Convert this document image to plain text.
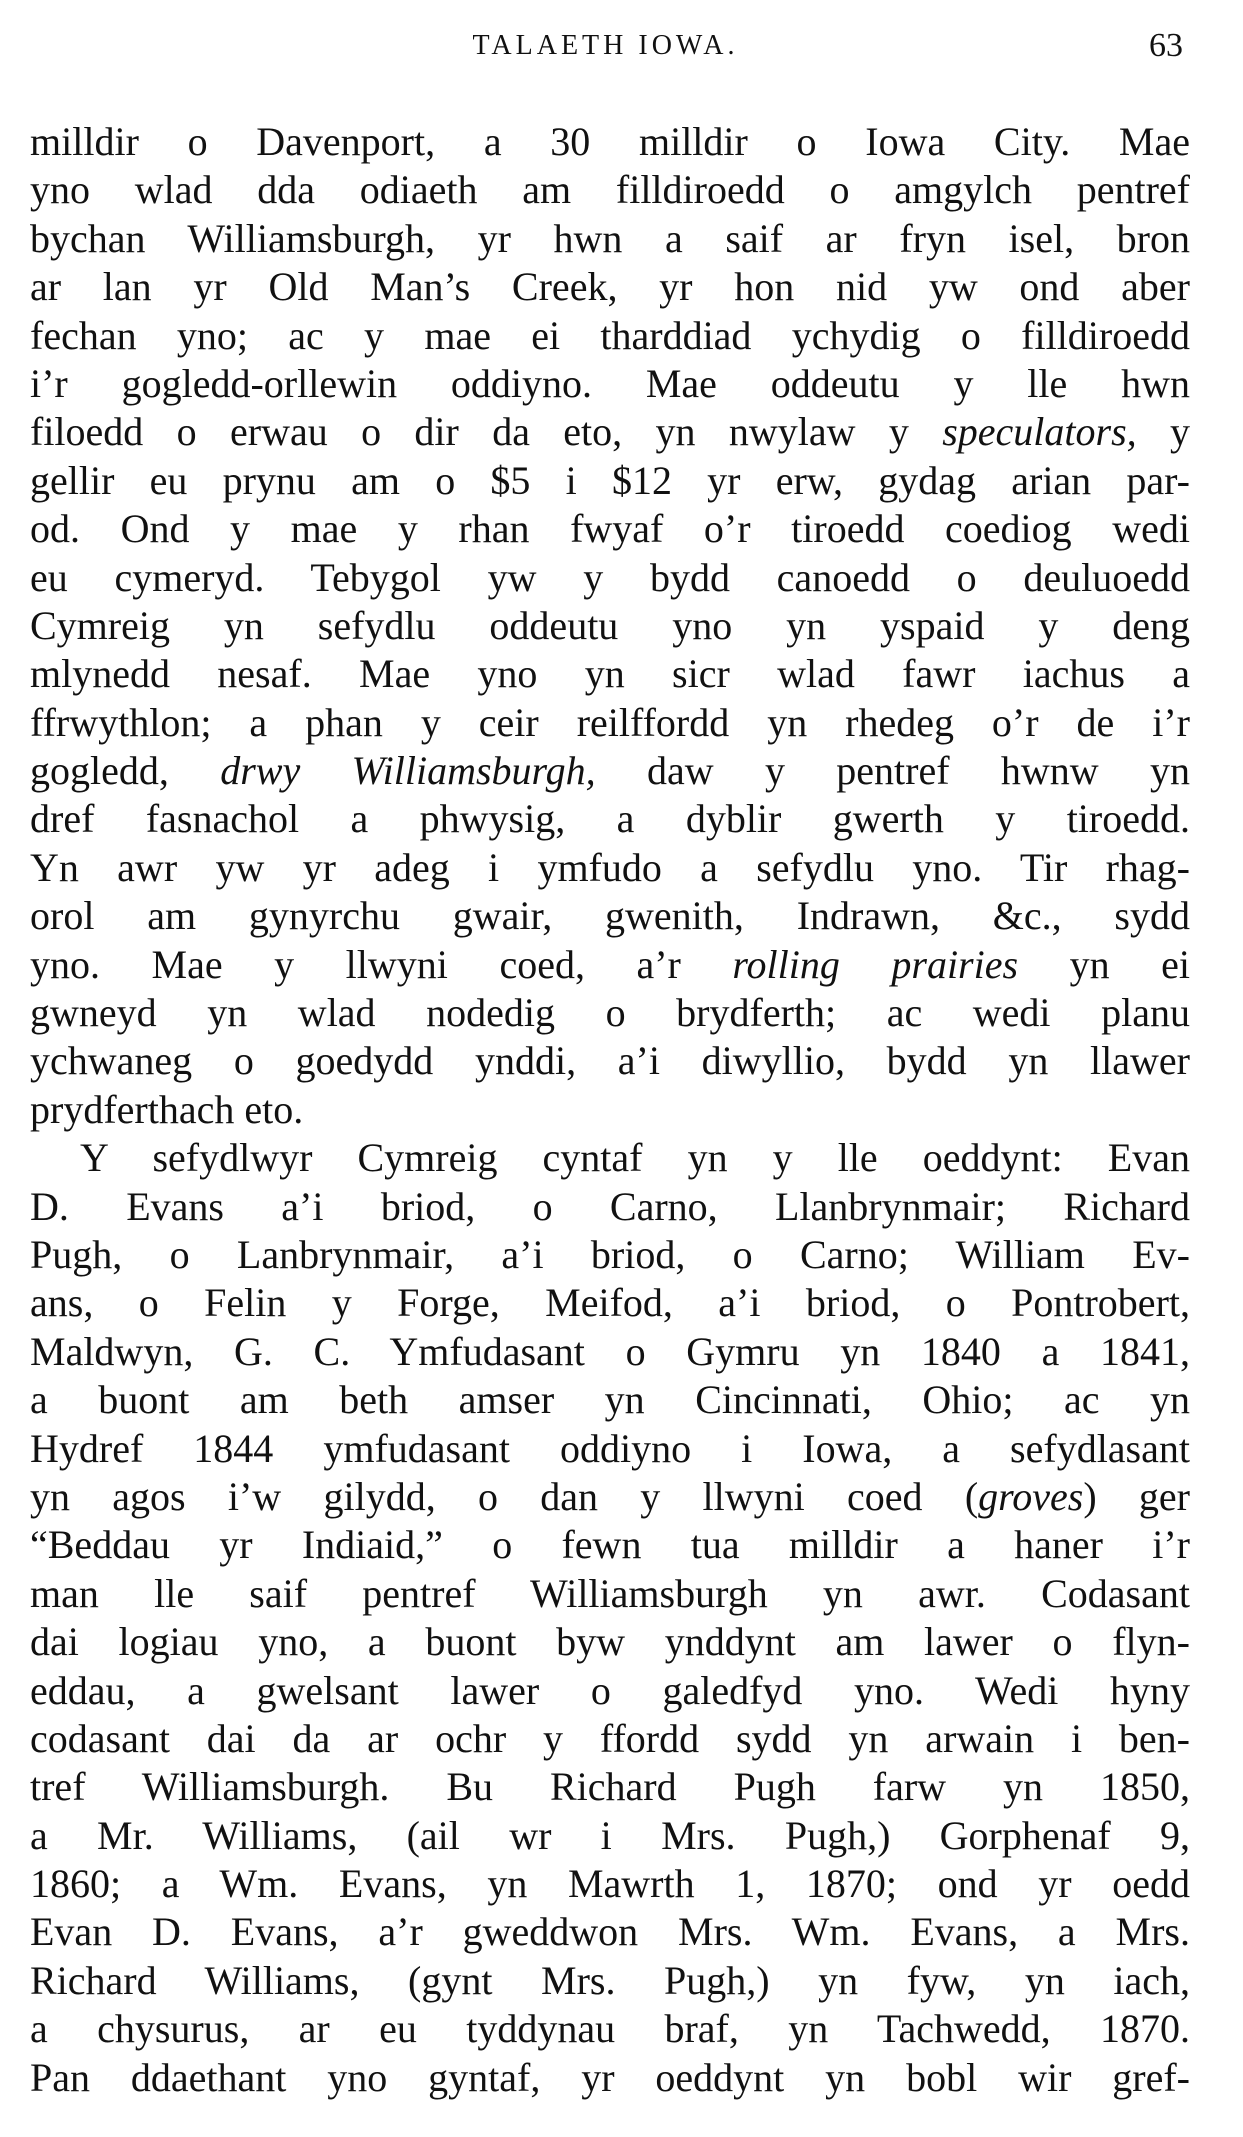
TALAETH IOWA.	63
milldir o Davenport, a 30 milldir o Iowa City. Mae
yno wlad dda odiaeth am filldiroedd o amgylch pentref
bychan Williamsburgh, yr hwn a saif ar fryn isel, bron
ar lan yr Old Man’s Creek, yr hon nid yw ond aber
fechan yno; ac y mae ei tharddiad ychydig o filldiroedd
i’r gogledd-orllewin oddiyno. Mae oddeutu y lle hwn
filoedd o erwau o dir da eto, yn nwylaw y speculators, y
gellir eu prynu am o $5 i $12 yr erw, gydag arian par-
od. Ond y mae y rhan fwyaf o’r tiroedd coediog wedi
eu cymeryd. Tebygol yw y bydd canoedd o deuluoedd
Cymreig yn sefydlu oddeutu yno yn yspaid y deng
mlynedd nesaf. Mae yno yn sicr wlad fawr iachus a
ffrwythlon; a phan y ceir reilffordd yn rhedeg o’r de i’r
gogledd, drwy Williamsburgh, daw y pentref hwnw yn
dref fasnachol a phwysig, a dyblir gwerth y tiroedd.
Yn awr yw yr adeg i ymfudo a sefydlu yno. Tir rhag-
orol am gynyrchu gwair, gwenith, Indrawn, &c., sydd
yno. Mae y llwyni coed, a’r rolling prairies yn ei
gwneyd yn wlad nodedig o brydferth; ac wedi planu
ychwaneg o goedydd ynddi, a’i diwyllio, bydd yn llawer
prydferthach eto.
Y sefydlwyr Cymreig cyntaf yn y lle oeddynt: Evan
D. Evans a’i briod, o Carno, Llanbrynmair; Richard
Pugh, o Lanbrynmair, a’i briod, o Carno; William Ev-
ans, o Felin y Forge, Meifod, a’i briod, o Pontrobert,
Maldwyn, G. C. Ymfudasant o Gymru yn 1840 a 1841,
a buont am beth amser yn Cincinnati, Ohio; ac yn
Hydref 1844 ymfudasant oddiyno i Iowa, a sefydlasant
yn agos i’w gilydd, o dan y llwyni coed (groves) ger
“Beddau yr Indiaid,” o fewn tua milldir a haner i’r
man lle saif pentref Williamsburgh yn awr. Codasant
dai logiau yno, a buont byw ynddynt am lawer o flyn-
eddau, a gwelsant lawer o galedfyd yno. Wedi hyny
codasant dai da ar ochr y ffordd sydd yn arwain i ben-
tref Williamsburgh. Bu Richard Pugh farw yn 1850,
a Mr. Williams, (ail wr i Mrs. Pugh,) Gorphenaf 9,
1860; a Wm. Evans, yn Mawrth 1, 1870; ond yr oedd
Evan D. Evans, a’r gweddwon Mrs. Wm. Evans, a Mrs.
Richard Williams, (gynt Mrs. Pugh,) yn fyw, yn iach,
a chysurus, ar eu tyddynau braf, yn Tachwedd, 1870.
Pan ddaethant yno gyntaf, yr oeddynt yn bobl wir gref-
